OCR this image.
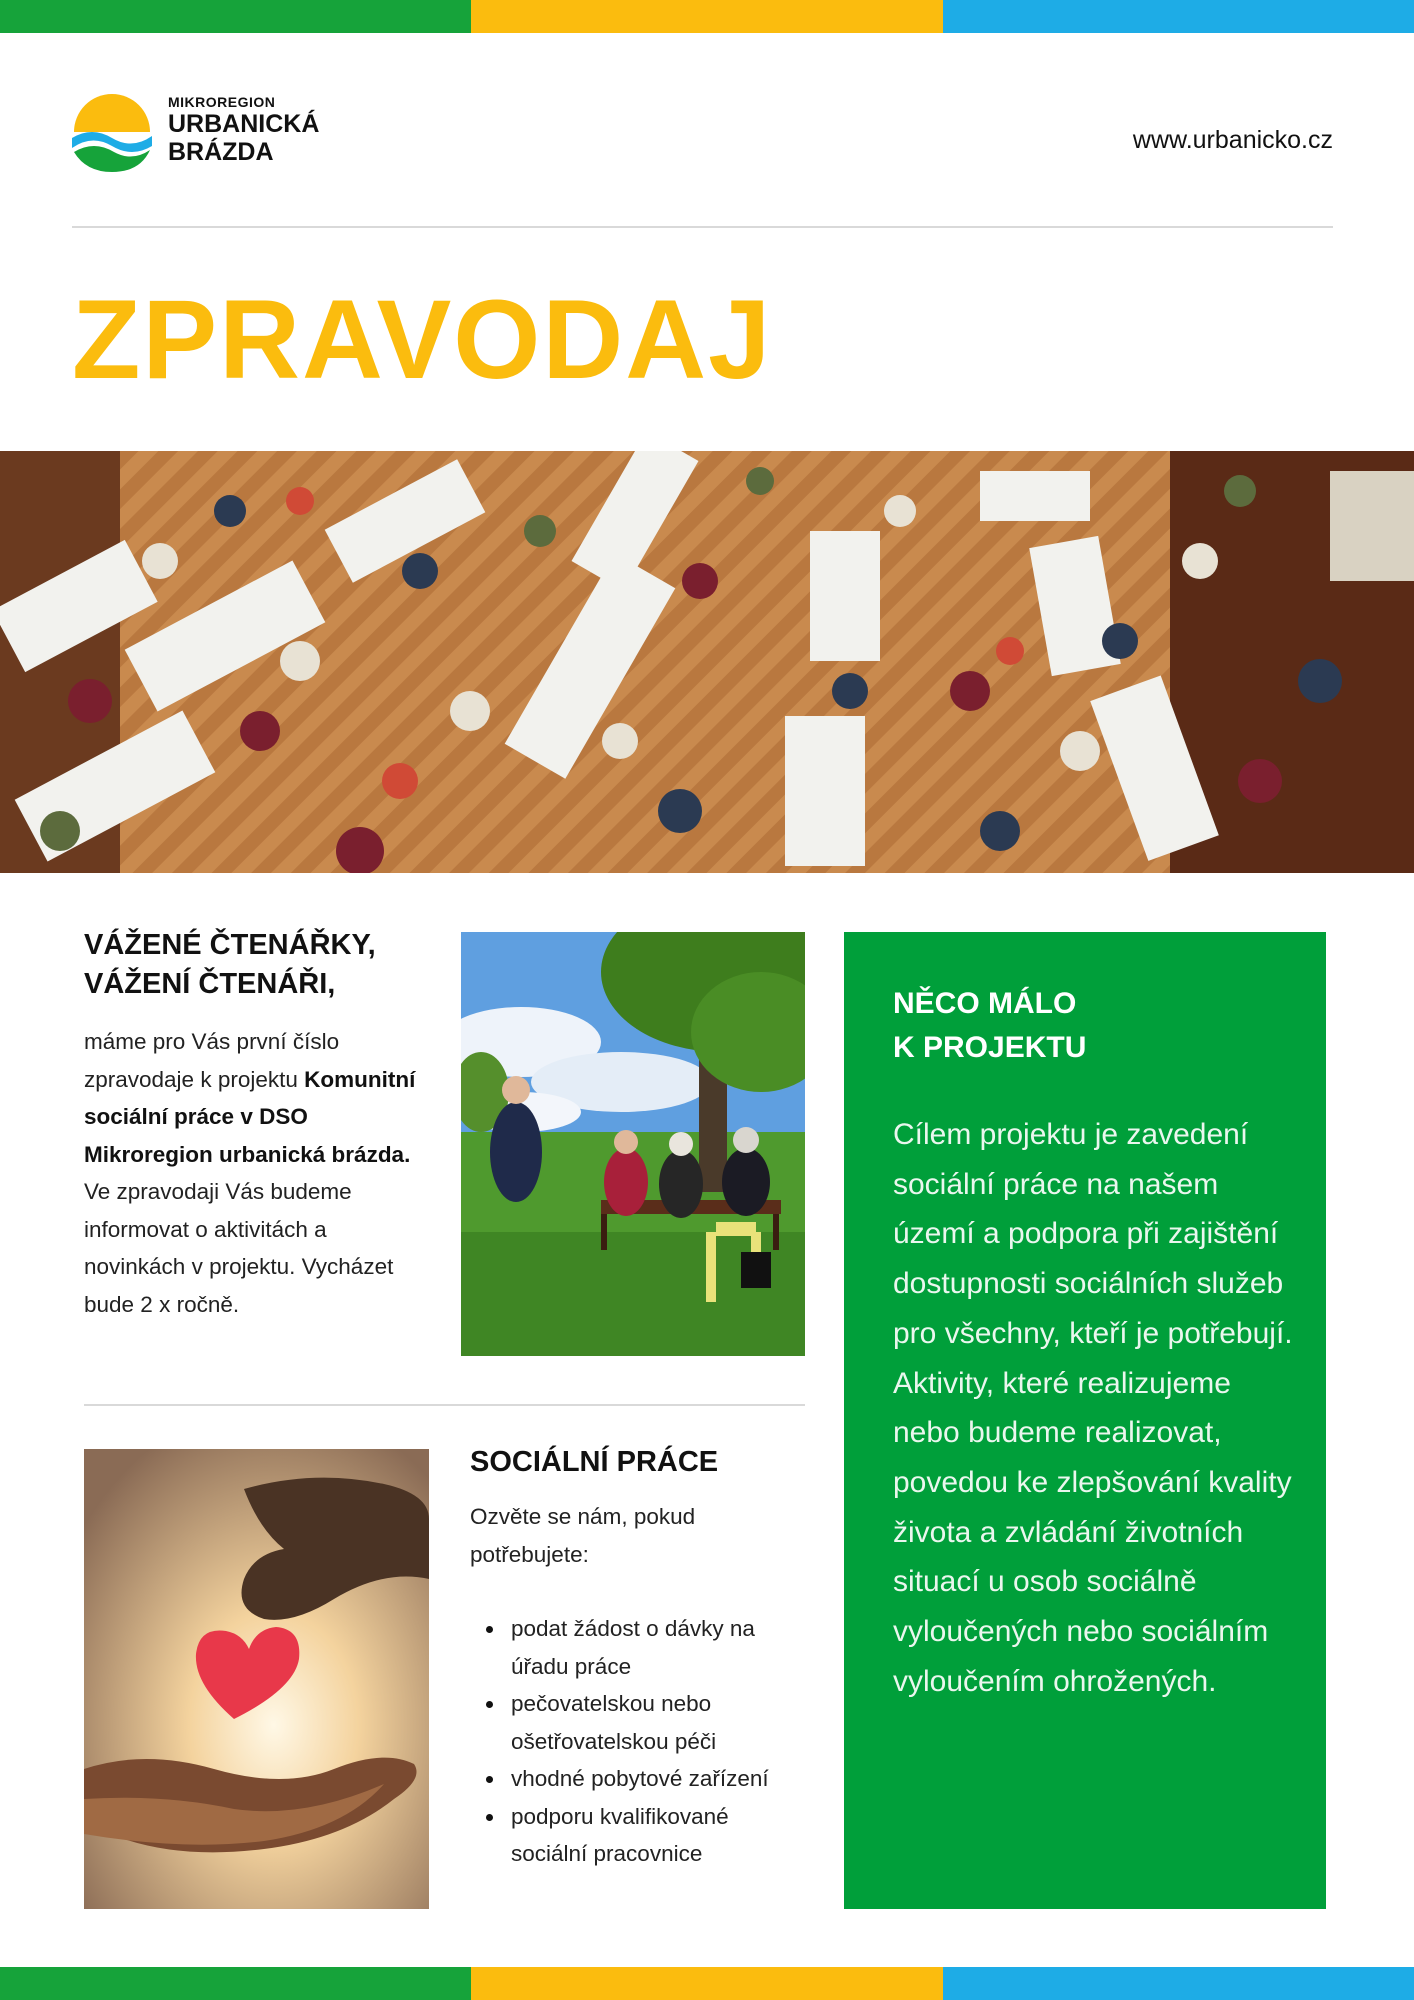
MIKROREGION
URBANICKÁ
BRÁZDA	www.urbanicko.cz
ZPRAVODAJ
VÁŽENÉ ČTENÁŘKY,
VÁŽENÍ ČTENÁŘI,
máme pro Vás první číslo zpravodaje k projektu Komunitní sociální práce v DSO Mikroregion urbanická brázda. Ve zpravodaji Vás budeme informovat o aktivitách a novinkách v projektu. Vycházet bude 2 x ročně.
SOCIÁLNÍ PRÁCE

Ozvěte se nám, pokud potřebujete:

podat žádost o dávky na úřadu práce
pečovatelskou nebo ošetřovatelskou péči
vhodné pobytové zařízení
podporu kvalifikované sociální pracovnice
NĚCO MÁLO
K PROJEKTU

Cílem projektu je zavedení sociální práce na našem území a podpora při zajištění dostupnosti sociálních služeb pro všechny, kteří je potřebují. Aktivity, které realizujeme nebo budeme realizovat, povedou ke zlepšování kvality života a zvládání životních situací u osob sociálně vyloučených nebo sociálním vyloučením ohrožených.
